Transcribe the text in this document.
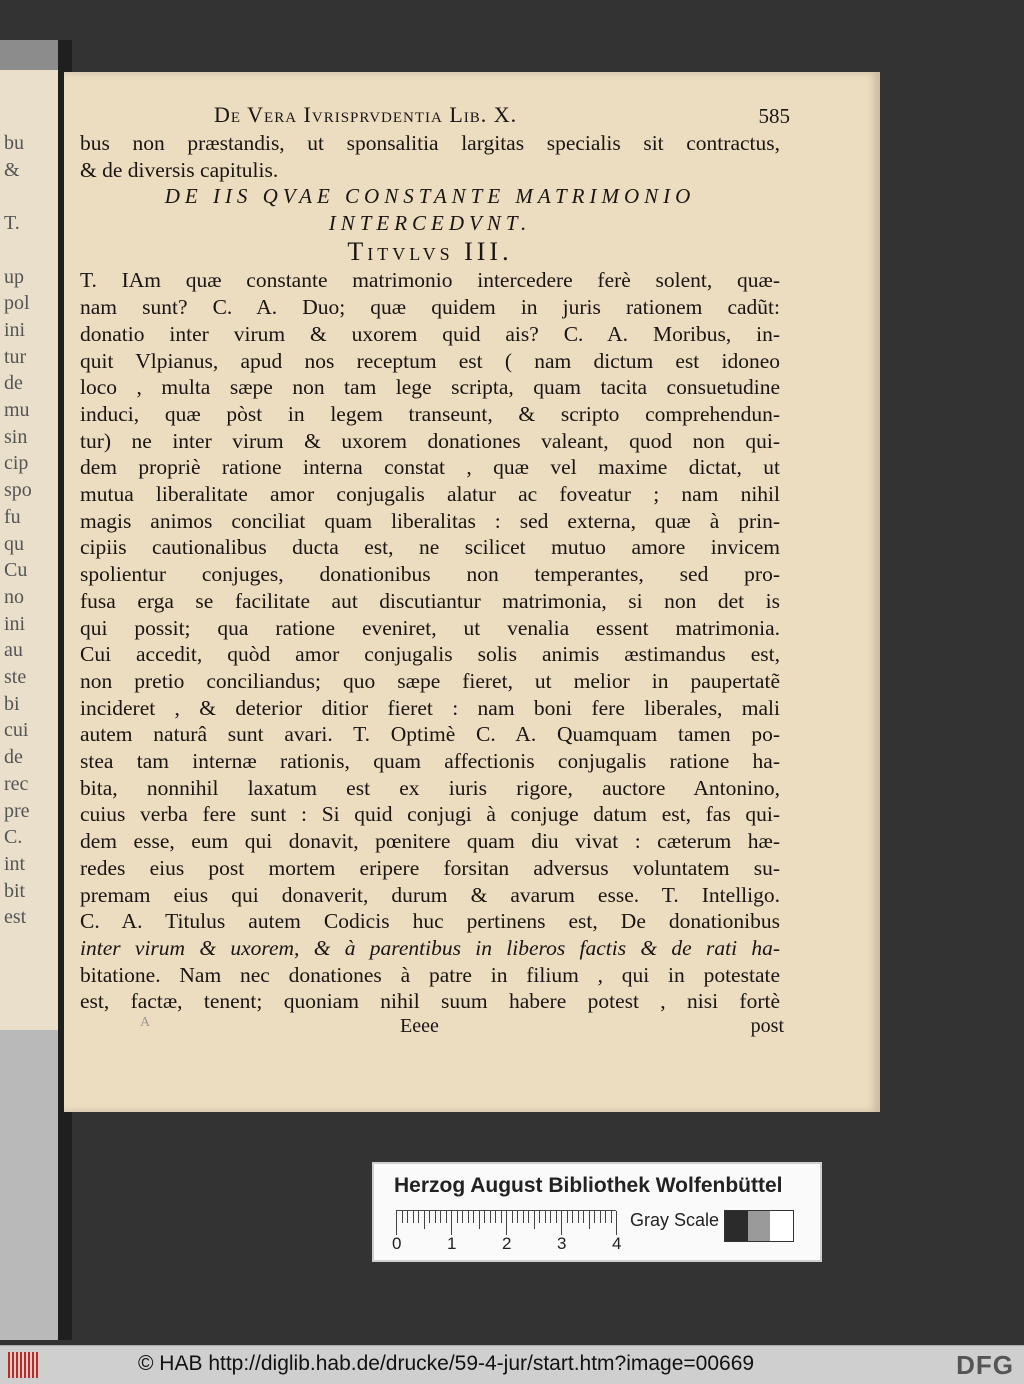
bu
&

T.

up
pol
ini
tur
de
mu
sin
cip
spo
fu
qu
Cu
no
ini
au
ste
bi
cui
de
rec
pre
C.
int
bit
est
De Vera Ivrisprvdentia Lib. X.	585
bus non præstandis, ut sponsalitia largitas specialis sit contractus,
& de diversis capitulis.
DE IIS QVAE CONSTANTE MATRIMONIO
INTERCEDVNT.
Titvlvs III.
T. IAm quæ constante matrimonio intercedere ferè solent, quæ-
nam sunt? C. A. Duo; quæ quidem in juris rationem cadũt:
donatio inter virum & uxorem quid ais? C. A. Moribus, in-
quit Vlpianus, apud nos receptum est ( nam dictum est idoneo
loco , multa sæpe non tam lege scripta, quam tacita consuetudine
induci, quæ pòst in legem transeunt, & scripto comprehendun-
tur) ne inter virum & uxorem donationes valeant, quod non qui-
dem propriè ratione interna constat , quæ vel maxime dictat, ut
mutua liberalitate amor conjugalis alatur ac foveatur ; nam nihil
magis animos conciliat quam liberalitas : sed externa, quæ à prin-
cipiis cautionalibus ducta est, ne scilicet mutuo amore invicem
spolientur conjuges, donationibus non temperantes, sed pro-
fusa erga se facilitate aut discutiantur matrimonia, si non det is
qui possit; qua ratione eveniret, ut venalia essent matrimonia.
Cui accedit, quòd amor conjugalis solis animis æstimandus est,
non pretio conciliandus; quo sæpe fieret, ut melior in paupertatẽ
incideret , & deterior ditior fieret : nam boni fere liberales, mali
autem naturâ sunt avari. T. Optimè C. A. Quamquam tamen po-
stea tam internæ rationis, quam affectionis conjugalis ratione ha-
bita, nonnihil laxatum est ex iuris rigore, auctore Antonino,
cuius verba fere sunt : Si quid conjugi à conjuge datum est, fas qui-
dem esse, eum qui donavit, pœnitere quam diu vivat : cæterum hæ-
redes eius post mortem eripere forsitan adversus voluntatem su-
premam eius qui donaverit, durum & avarum esse. T. Intelligo.
C. A. Titulus autem Codicis huc pertinens est, De donationibus
inter virum & uxorem, & à parentibus in liberos factis & de rati ha-
bitatione. Nam nec donationes à patre in filium , qui in potestate
est, factæ, tenent; quoniam nihil suum habere potest , nisi fortè
A	Eeee	post
Herzog August Bibliothek Wolfenbüttel
0	1	2	3	4
Gray Scale
© HAB http://diglib.hab.de/drucke/59-4-jur/start.htm?image=00669	DFG
